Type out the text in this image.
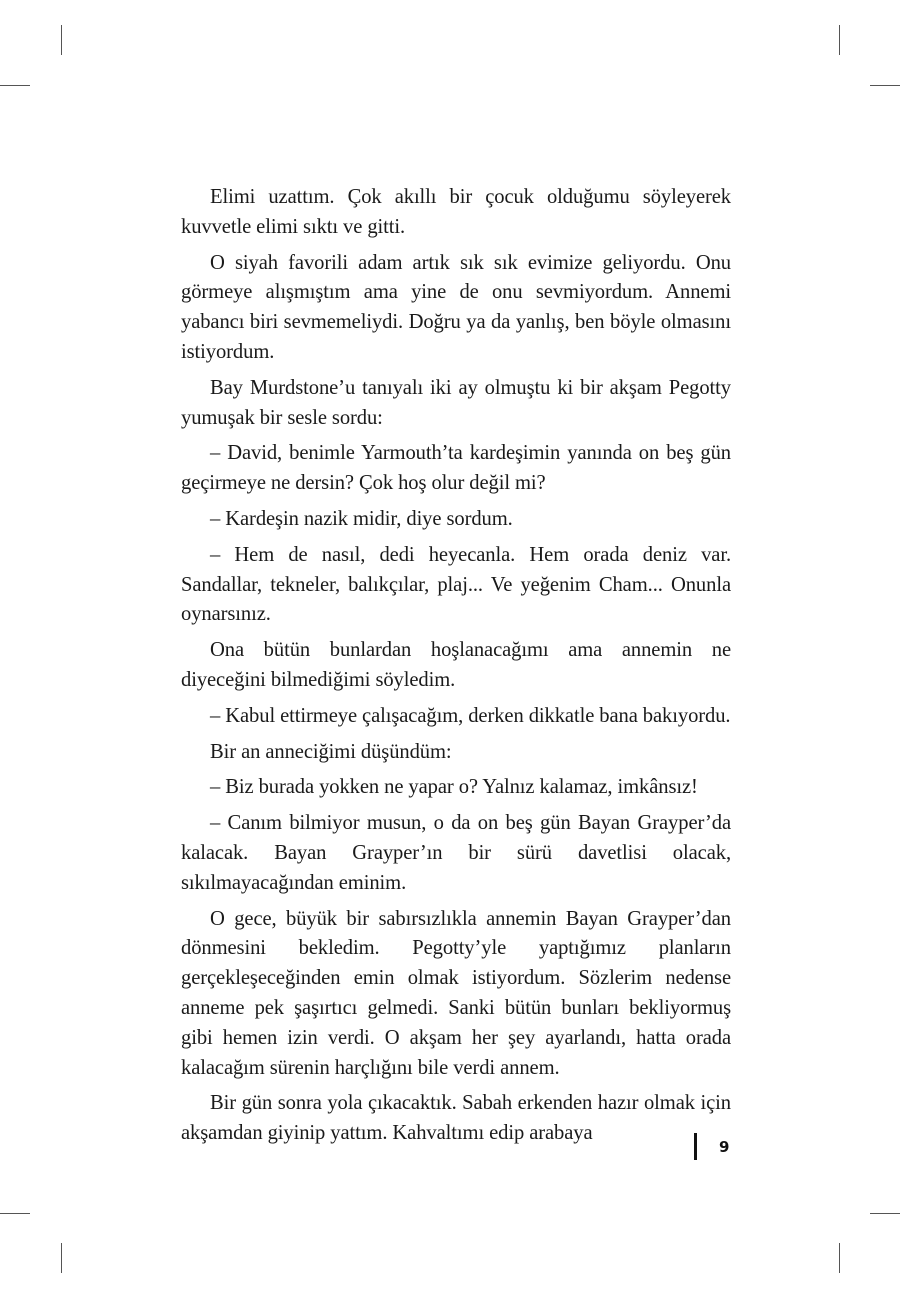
Elimi uzattım. Çok akıllı bir çocuk olduğumu söyleyerek kuvvetle elimi sıktı ve gitti.

O siyah favorili adam artık sık sık evimize geliyordu. Onu görmeye alışmıştım ama yine de onu sevmiyordum. Annemi yabancı biri sevmemeliydi. Doğru ya da yanlış, ben böyle olmasını istiyordum.

Bay Murdstone’u tanıyalı iki ay olmuştu ki bir akşam Pegotty yumuşak bir sesle sordu:

– David, benimle Yarmouth’ta kardeşimin yanında on beş gün geçirmeye ne dersin? Çok hoş olur değil mi?

– Kardeşin nazik midir, diye sordum.

– Hem de nasıl, dedi heyecanla. Hem orada deniz var. Sandallar, tekneler, balıkçılar, plaj... Ve yeğenim Cham... Onunla oynarsınız.

Ona bütün bunlardan hoşlanacağımı ama annemin ne diyeceğini bilmediğimi söyledim.

– Kabul ettirmeye çalışacağım, derken dikkatle bana bakıyordu.

Bir an anneciğimi düşündüm:

– Biz burada yokken ne yapar o? Yalnız kalamaz, imkânsız!

– Canım bilmiyor musun, o da on beş gün Bayan Grayper’da kalacak. Bayan Grayper’ın bir sürü davetlisi olacak, sıkılmayacağından eminim.

O gece, büyük bir sabırsızlıkla annemin Bayan Grayper’dan dönmesini bekledim. Pegotty’yle yaptığımız planların gerçekleşeceğinden emin olmak istiyordum. Sözlerim nedense anneme pek şaşırtıcı gelmedi. Sanki bütün bunları bekliyormuş gibi hemen izin verdi. O akşam her şey ayarlandı, hatta orada kalacağım sürenin harçlığını bile verdi annem.

Bir gün sonra yola çıkacaktık. Sabah erkenden hazır olmak için akşamdan giyinip yattım. Kahvaltımı edip arabaya

9
